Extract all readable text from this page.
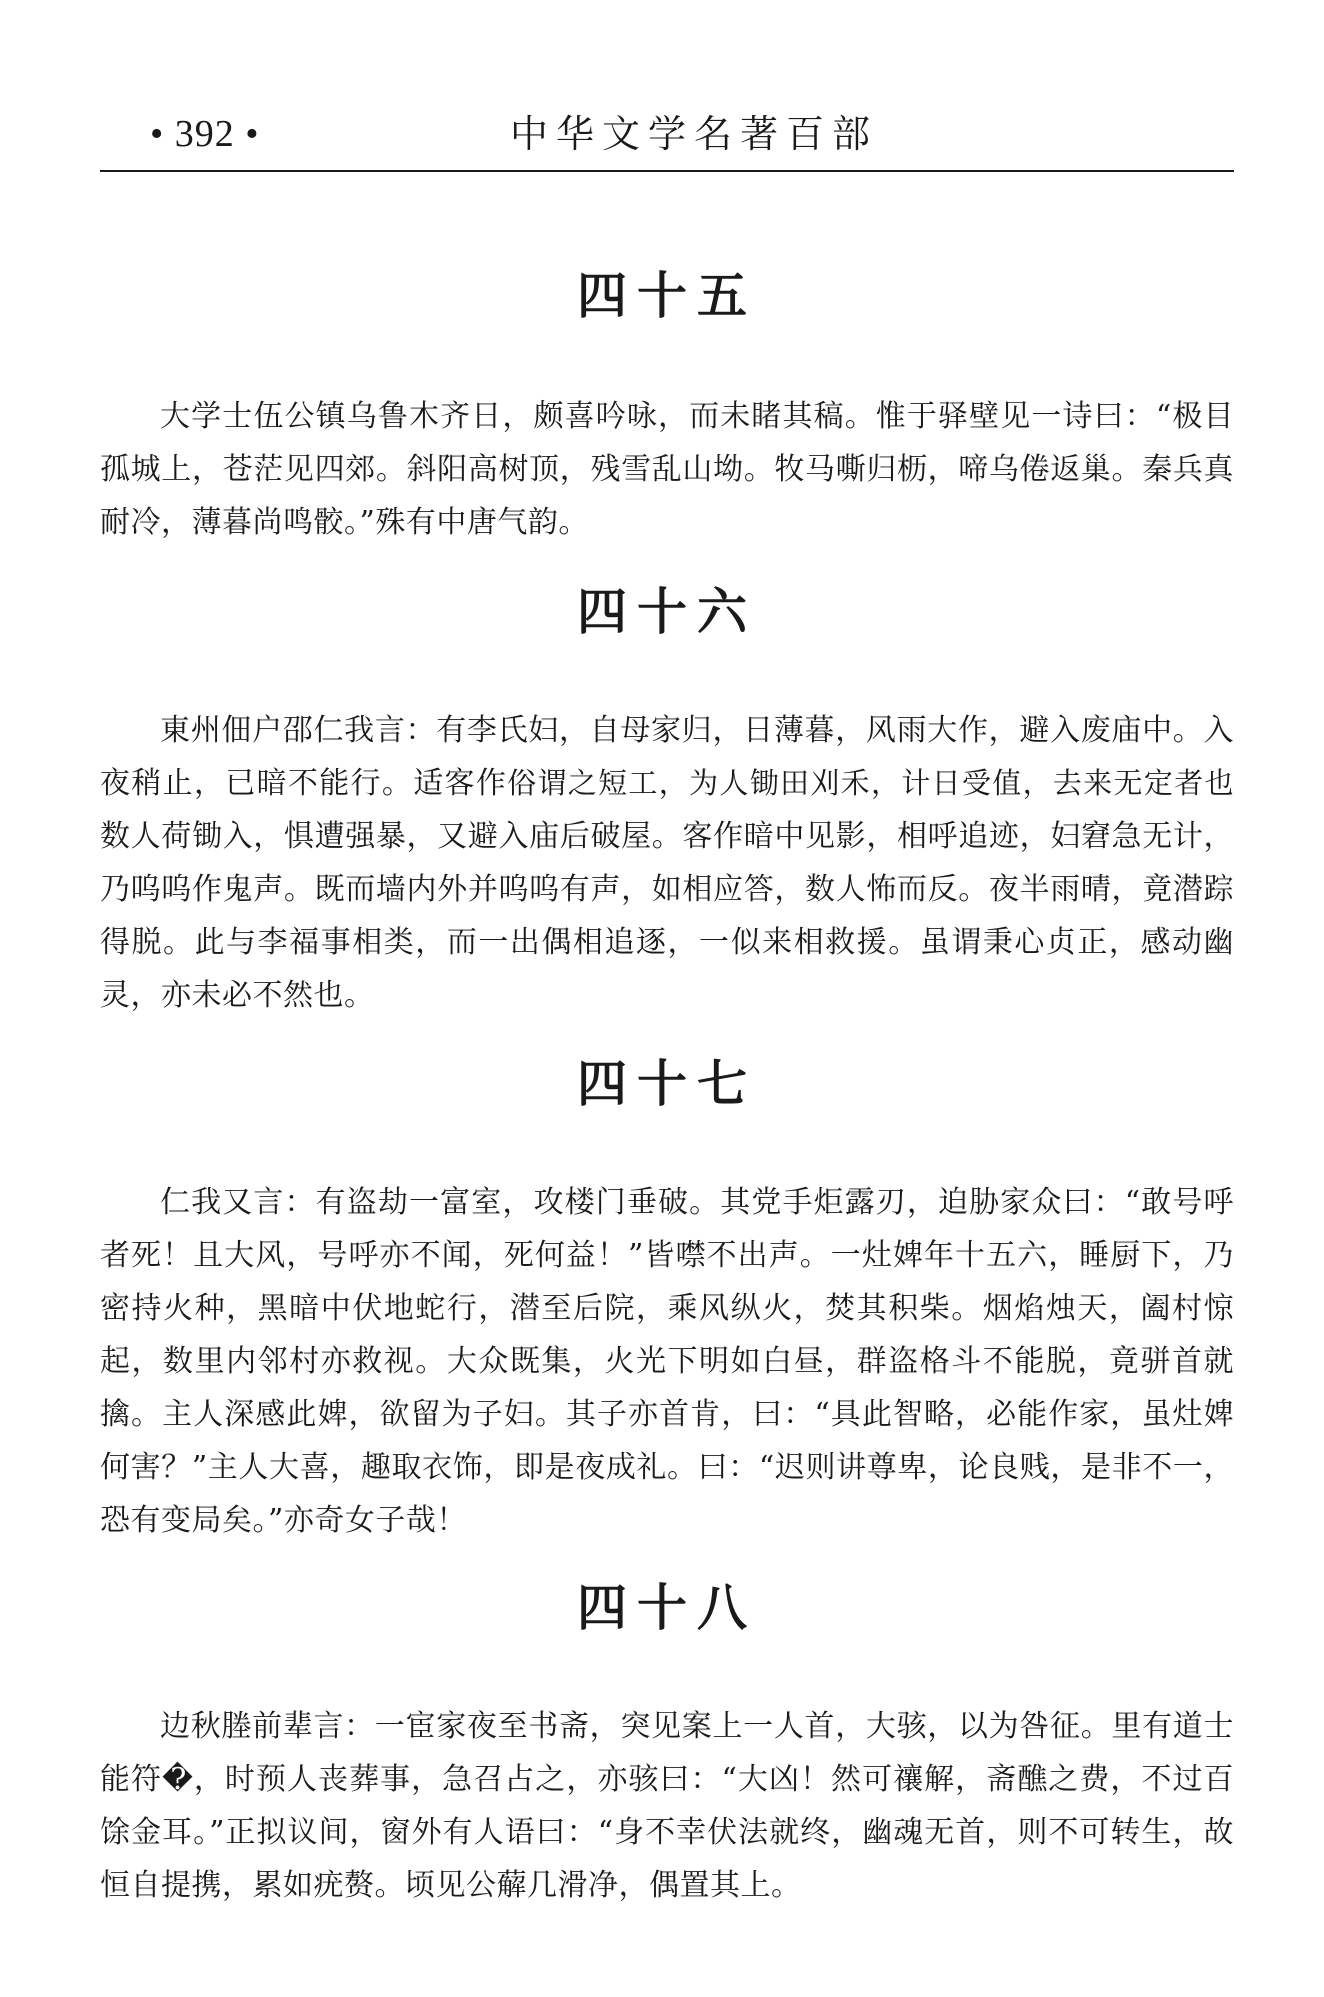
• 392 •	中华文学名著百部
四十五

大学士伍公镇乌鲁木齐日，颇喜吟咏，而未睹其稿。惟于驿壁见一诗曰：“极目孤城上，苍茫见四郊。斜阳高树顶，残雪乱山坳。牧马嘶归枥，啼乌倦返巢。秦兵真耐冷，薄暮尚鸣骹。”殊有中唐气韵。

四十六

東州佃户邵仁我言：有李氏妇，自母家归，日薄暮，风雨大作，避入废庙中。入夜稍止，已暗不能行。适客作俗谓之短工，为人锄田刈禾，计日受值，去来无定者也数人荷锄入，惧遭强暴，又避入庙后破屋。客作暗中见影，相呼追迹，妇窘急无计，乃呜呜作鬼声。既而墙内外并呜呜有声，如相应答，数人怖而反。夜半雨晴，竟潜踪得脱。此与李福事相类，而一出偶相追逐，一似来相救援。虽谓秉心贞正，感动幽灵，亦未必不然也。

四十七

仁我又言：有盗劫一富室，攻楼门垂破。其党手炬露刃，迫胁家众曰：“敢号呼者死！且大风，号呼亦不闻，死何益！”皆噤不出声。一灶婢年十五六，睡厨下，乃密持火种，黑暗中伏地蛇行，潜至后院，乘风纵火，焚其积柴。烟焰烛天，阖村惊起，数里内邻村亦救视。大众既集，火光下明如白昼，群盗格斗不能脱，竟骈首就擒。主人深感此婢，欲留为子妇。其子亦首肯，曰：“具此智略，必能作家，虽灶婢何害？”主人大喜，趣取衣饰，即是夜成礼。曰：“迟则讲尊卑，论良贱，是非不一，恐有变局矣。”亦奇女子哉！

四十八

边秋塍前辈言：一宦家夜至书斋，突见案上一人首，大骇，以为咎征。里有道士能符�，时预人丧葬事，急召占之，亦骇曰：“大凶！然可禳解，斋醮之费，不过百馀金耳。”正拟议间，窗外有人语曰：“身不幸伏法就终，幽魂无首，则不可转生，故恒自提携，累如疣赘。顷见公薢几滑净，偶置其上。
